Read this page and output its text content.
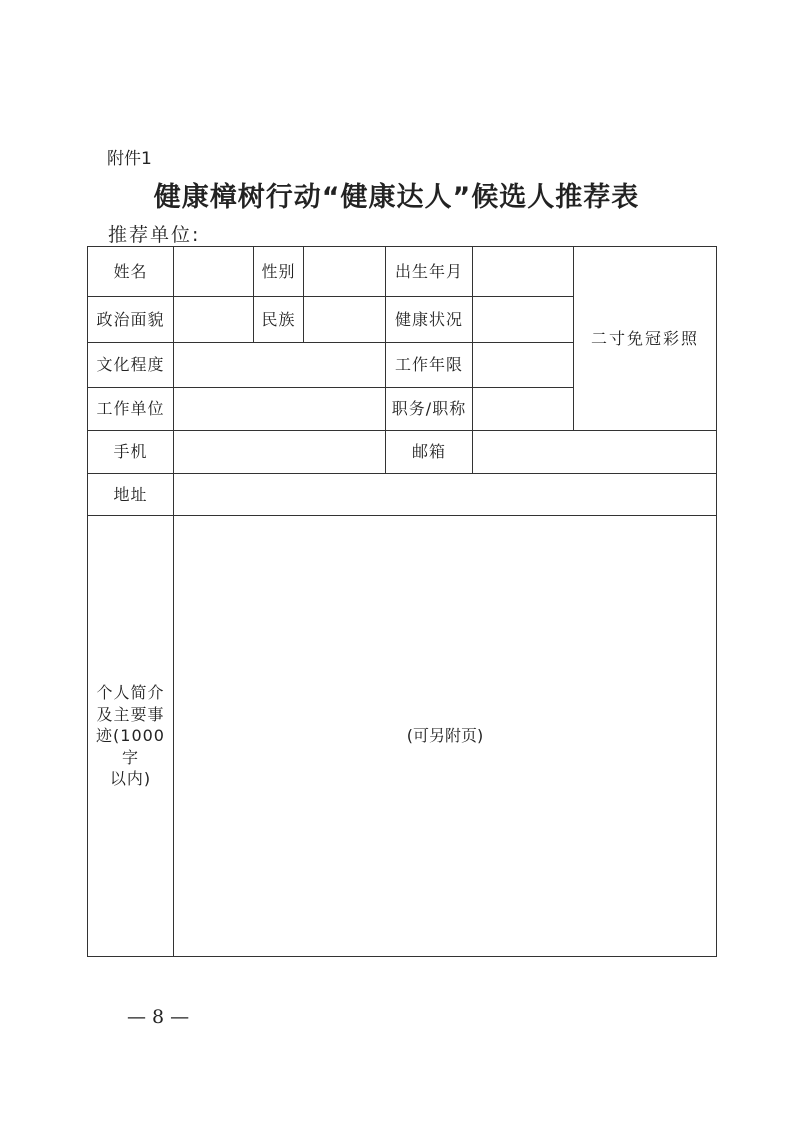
附件1
健康樟树行动“健康达人”候选人推荐表
推荐单位:
姓名		性别		出生年月		二寸免冠彩照
政治面貌		民族		健康状况		
文化程度				工作年限		
工作单位				职务/职称		
手机				邮箱		
地址						
个人简介
及主要事
迹(1000字
以内)	(可另附页)					
— 8 —
